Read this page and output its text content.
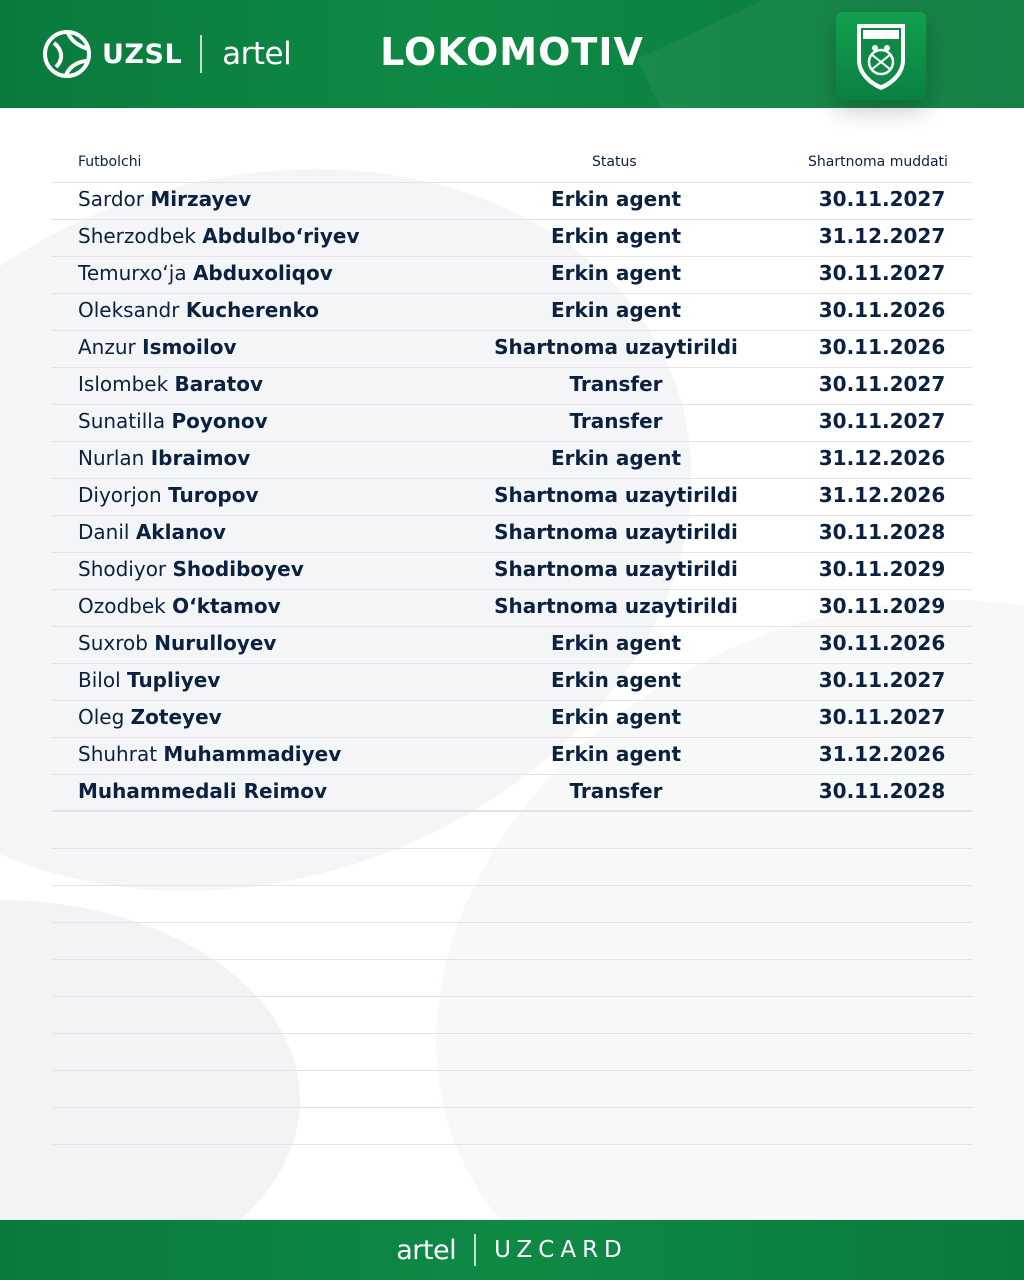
UZSL artel	LOKOMOTIV
Futbolchi	Status	Shartnoma muddati
Sardor Mirzayev	Erkin agent	30.11.2027
Sherzodbek Abdulbo‘riyev	Erkin agent	31.12.2027
Temurxo‘ja Abduxoliqov	Erkin agent	30.11.2027
Oleksandr Kucherenko	Erkin agent	30.11.2026
Anzur Ismoilov	Shartnoma uzaytirildi	30.11.2026
Islombek Baratov	Transfer	30.11.2027
Sunatilla Poyonov	Transfer	30.11.2027
Nurlan Ibraimov	Erkin agent	31.12.2026
Diyorjon Turopov	Shartnoma uzaytirildi	31.12.2026
Danil Aklanov	Shartnoma uzaytirildi	30.11.2028
Shodiyor Shodiboyev	Shartnoma uzaytirildi	30.11.2029
Ozodbek O‘ktamov	Shartnoma uzaytirildi	30.11.2029
Suxrob Nurulloyev	Erkin agent	30.11.2026
Bilol Tupliyev	Erkin agent	30.11.2027
Oleg Zoteyev	Erkin agent	30.11.2027
Shuhrat Muhammadiyev	Erkin agent	31.12.2026
Muhammedali Reimov	Transfer	30.11.2028
artel UZCARD
